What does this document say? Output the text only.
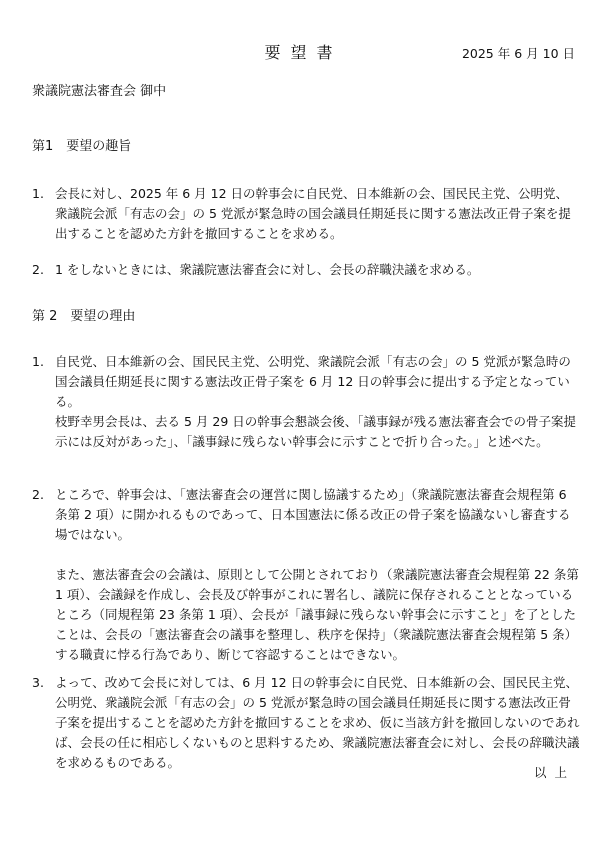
要望書	2025 年 6 月 10 日
衆議院憲法審査会 御中
第1　要望の趣旨
1. 会長に対し、2025 年 6 月 12 日の幹事会に自民党、日本維新の会、国民民主党、公明党、衆議院会派「有志の会」の 5 党派が緊急時の国会議員任期延長に関する憲法改正骨子案を提出することを認めた方針を撤回することを求める。

2. 1 をしないときには、衆議院憲法審査会に対し、会長の辞職決議を求める。

第 2　要望の理由
1. 自民党、日本維新の会、国民民主党、公明党、衆議院会派「有志の会」の 5 党派が緊急時の国会議員任期延長に関する憲法改正骨子案を 6 月 12 日の幹事会に提出する予定となっている。

枝野幸男会長は、去る 5 月 29 日の幹事会懇談会後、「議事録が残る憲法審査会での骨子案提示には反対があった」、「議事録に残らない幹事会に示すことで折り合った。」と述べた。

2. ところで、幹事会は、「憲法審査会の運営に関し協議するため」（衆議院憲法審査会規程第 6 条第 2 項）に開かれるものであって、日本国憲法に係る改正の骨子案を協議ないし審査する場ではない。

また、憲法審査会の会議は、原則として公開とされており（衆議院憲法審査会規程第 22 条第 1 項）、会議録を作成し、会長及び幹事がこれに署名し、議院に保存されることとなっているところ（同規程第 23 条第 1 項）、会長が「議事録に残らない幹事会に示すこと」を了としたことは、会長の「憲法審査会の議事を整理し、秩序を保持」（衆議院憲法審査会規程第 5 条）する職責に悖る行為であり、断じて容認することはできない。

3. よって、改めて会長に対しては、6 月 12 日の幹事会に自民党、日本維新の会、国民民主党、公明党、衆議院会派「有志の会」の 5 党派が緊急時の国会議員任期延長に関する憲法改正骨子案を提出することを認めた方針を撤回することを求め、仮に当該方針を撤回しないのであれば、会長の任に相応しくないものと思料するため、衆議院憲法審査会に対し、会長の辞職決議を求めるものである。

以上
